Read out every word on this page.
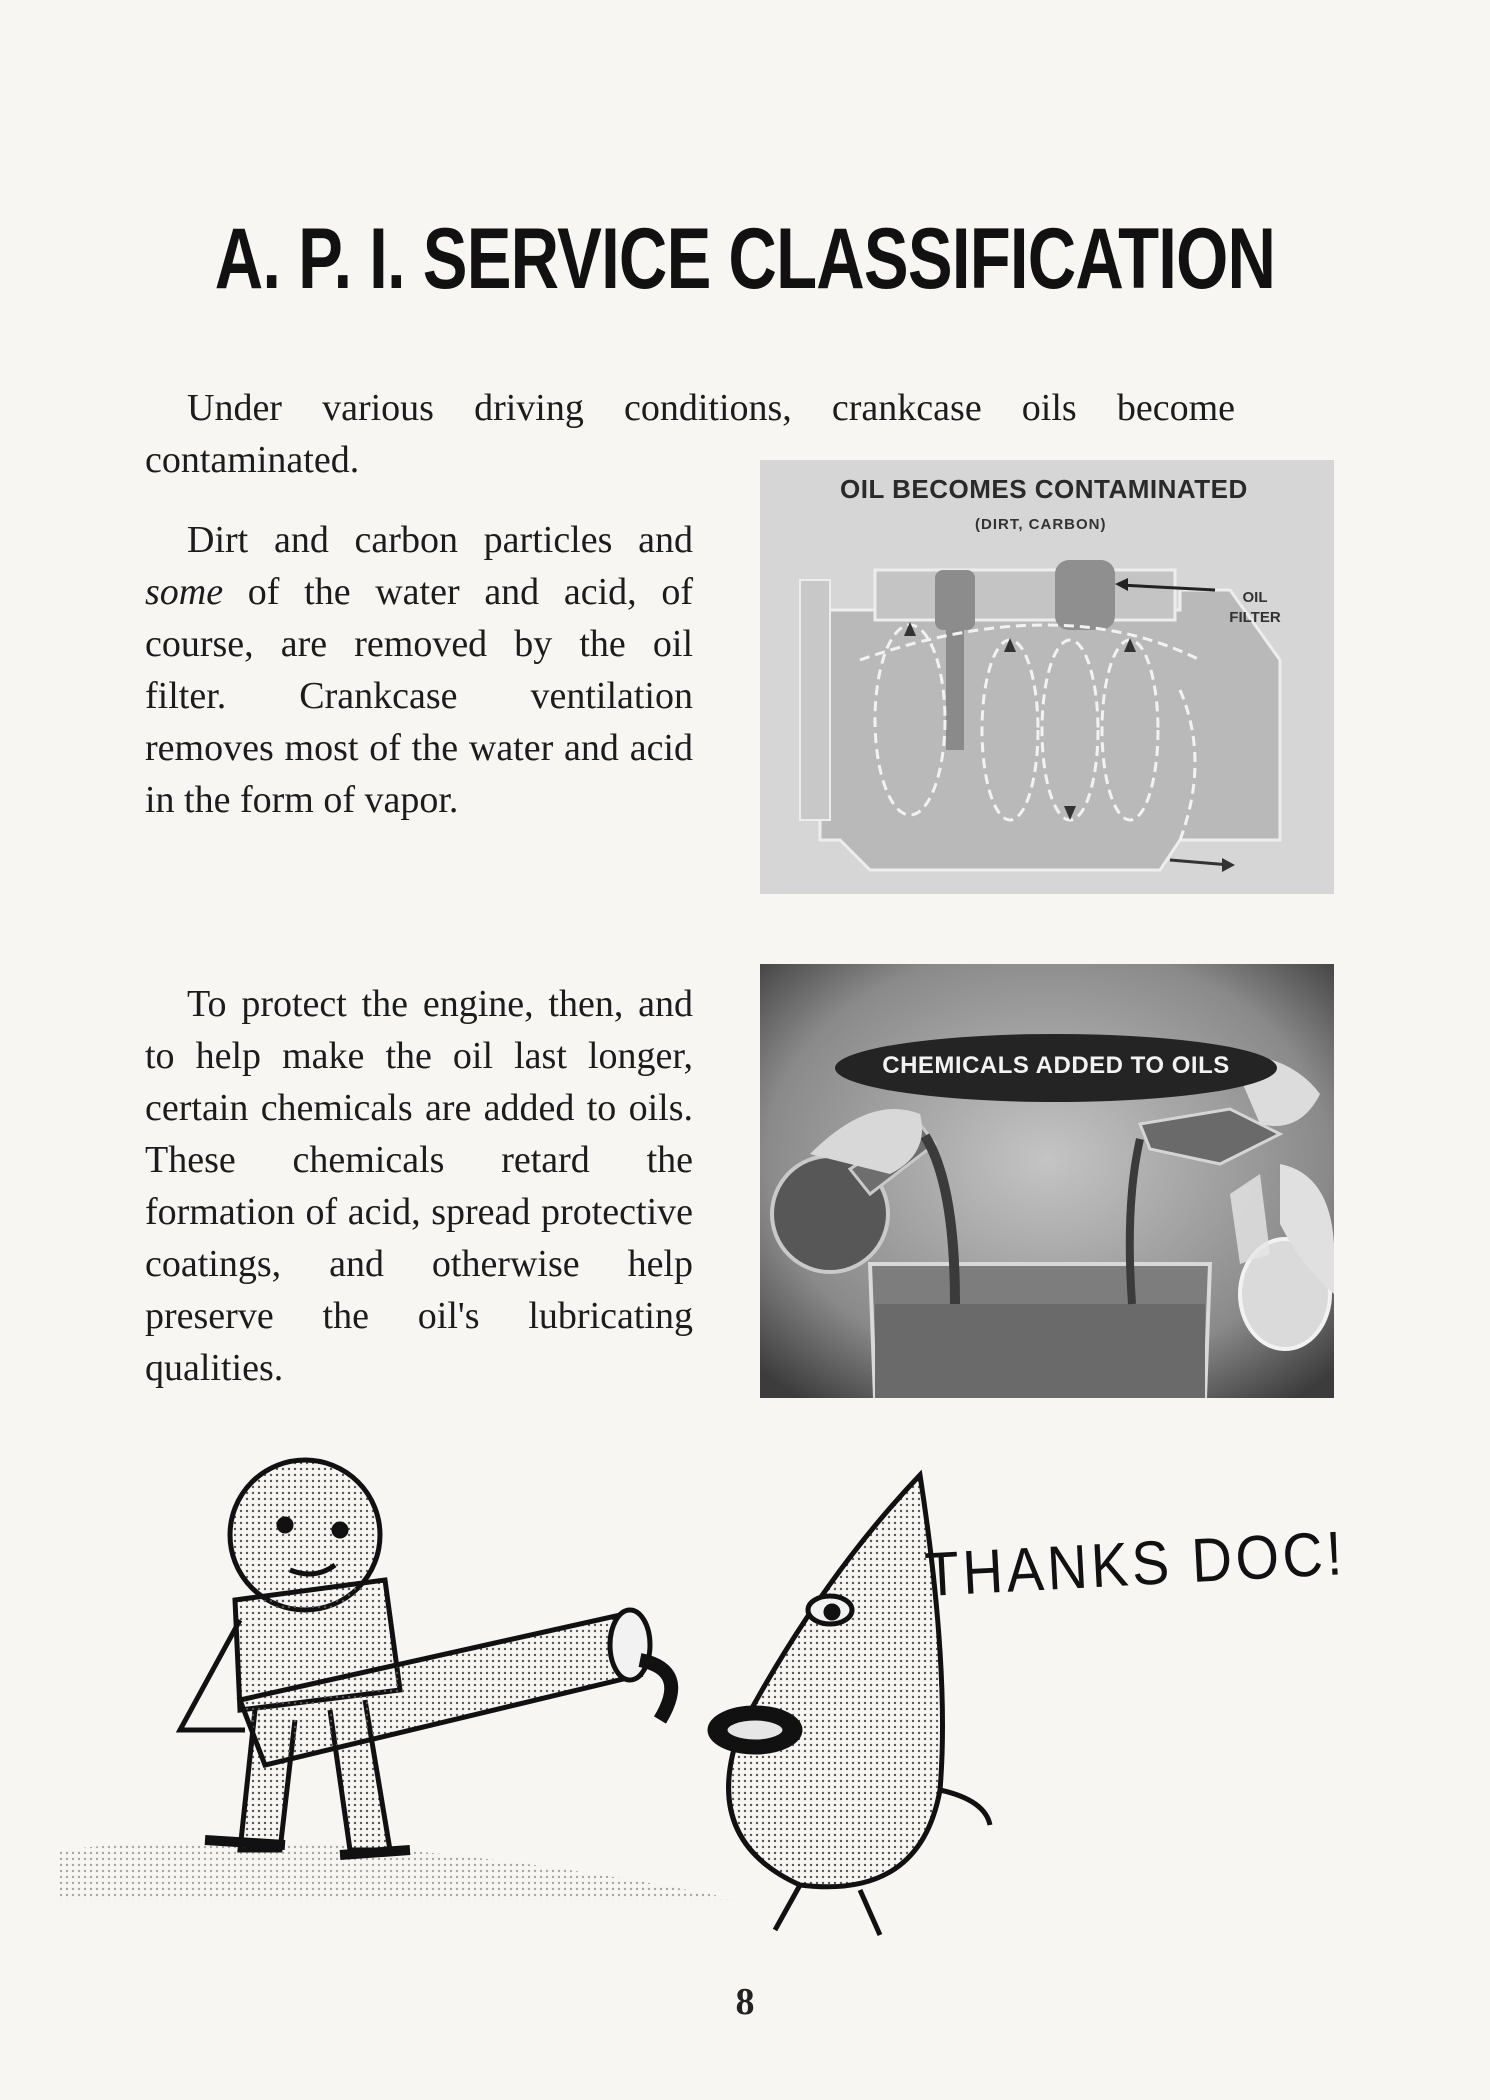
A. P. I. SERVICE CLASSIFICATION
Under various driving conditions, crankcase oils become contaminated.
Dirt and carbon particles and some of the water and acid, of course, are removed by the oil filter. Crankcase ventilation removes most of the water and acid in the form of vapor.
OIL BECOMES CONTAMINATED
(DIRT, CARBON)
OIL
FILTER
To protect the engine, then, and to help make the oil last longer, certain chemicals are added to oils. These chemicals retard the formation of acid, spread protective coatings, and otherwise help preserve the oil's lubricating qualities.
CHEMICALS ADDED TO OILS
THANKS DOC!
8
